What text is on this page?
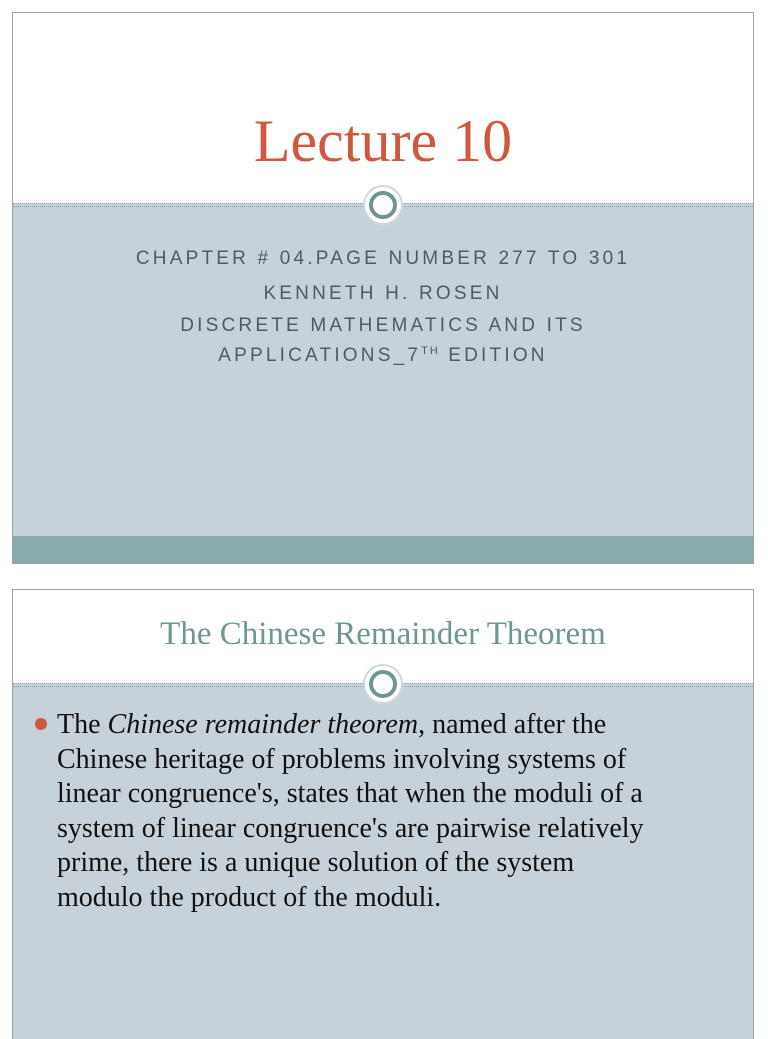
Lecture 10
CHAPTER # 04.PAGE NUMBER 277 TO 301
KENNETH H. ROSEN
DISCRETE MATHEMATICS AND ITS
APPLICATIONS_7TH EDITION
The Chinese Remainder Theorem
The Chinese remainder theorem, named after the
Chinese heritage of problems involving systems of
linear congruence's, states that when the moduli of a
system of linear congruence's are pairwise relatively
prime, there is a unique solution of the system
modulo the product of the moduli.
